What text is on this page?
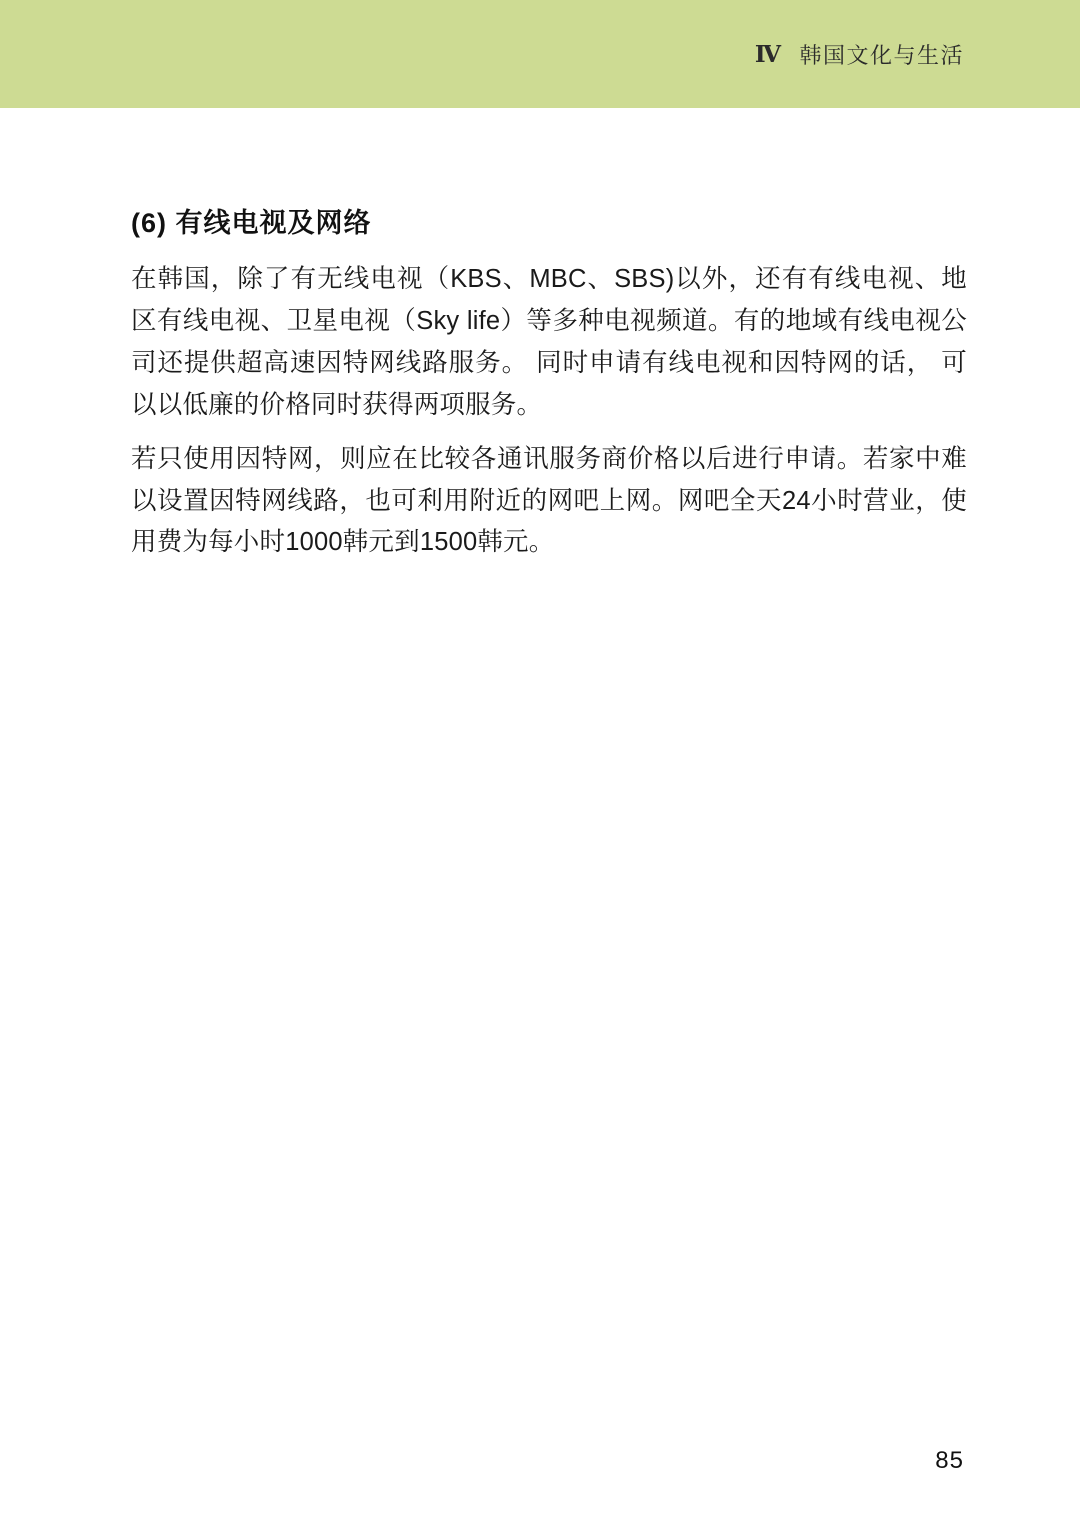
Ⅳ 韩国文化与生活
(6) 有线电视及网络

在韩国，除了有无线电视（KBS、MBC、SBS)以外，还有有线电视、地区有线电视、卫星电视（Sky life）等多种电视频道。有的地域有线电视公司还提供超高速因特网线路服务。 同时申请有线电视和因特网的话， 可以以低廉的价格同时获得两项服务。

若只使用因特网，则应在比较各通讯服务商价格以后进行申请。若家中难以设置因特网线路，也可利用附近的网吧上网。网吧全天24小时营业，使用费为每小时1000韩元到1500韩元。

85
